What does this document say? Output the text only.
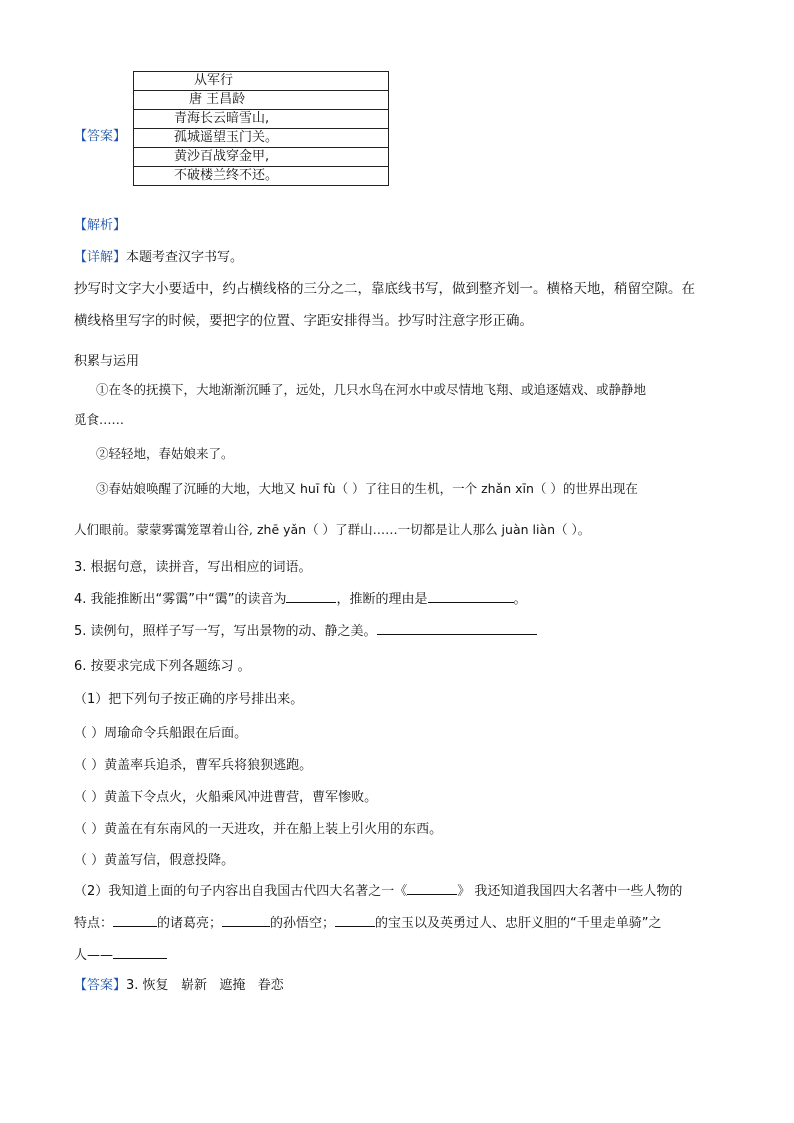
【答案】
从军行
唐 王昌龄
青海长云暗雪山,
孤城遥望玉门关。
黄沙百战穿金甲,
不破楼兰终不还。
【解析】
【详解】本题考查汉字书写。
抄写时文字大小要适中，约占横线格的三分之二，靠底线书写，做到整齐划一。横格天地，稍留空隙。在
横线格里写字的时候，要把字的位置、字距安排得当。抄写时注意字形正确。
积累与运用
①在冬的抚摸下，大地渐渐沉睡了，远处，几只水鸟在河水中或尽情地飞翔、或追逐嬉戏、或静静地
觅食……
②轻轻地，春姑娘来了。
③春姑娘唤醒了沉睡的大地，大地又 huī fù（ ）了往日的生机，一个 zhǎn xīn（ ）的世界出现在
人们眼前。蒙蒙雾霭笼罩着山谷, zhē yǎn（ ）了群山……一切都是让人那么 juàn liàn（ ）。
3. 根据句意，读拼音，写出相应的词语。
4. 我能推断出“雾霭”中“霭”的读音为	，推断的理由是	。
5. 读例句，照样子写一写，写出景物的动、静之美。
6. 按要求完成下列各题练习 。
（1）把下列句子按正确的序号排出来。
（ ）周瑜命令兵船跟在后面。
（ ）黄盖率兵追杀，曹军兵将狼狈逃跑。
（ ）黄盖下令点火，火船乘风冲进曹营，曹军惨败。
（ ）黄盖在有东南风的一天进攻，并在船上装上引火用的东西。
（ ）黄盖写信，假意投降。
（2）我知道上面的句子内容出自我国古代四大名著之一《	》 我还知道我国四大名著中一些人物的
特点：	的诸葛亮；	的孙悟空；	的宝玉以及英勇过人、忠肝义胆的“千里走单骑”之
人——
【答案】3. 恢复   崭新   遮掩   眷恋
